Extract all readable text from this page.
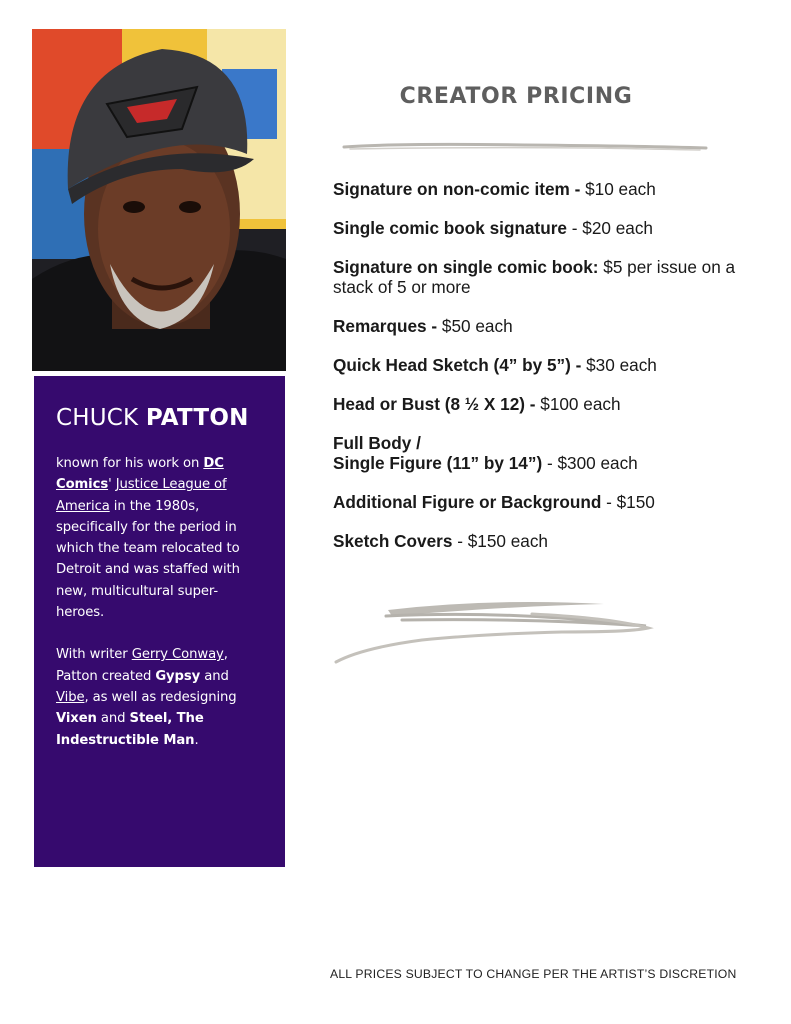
CHUCK PATTON

known for his work on DC Comics' Justice League of America in the 1980s, specifically for the period in which the team relocated to Detroit and was staffed with new, multicultural super-heroes.

With writer Gerry Conway, Patton created Gypsy and Vibe, as well as redesigning Vixen and Steel, The Indestructible Man.

CREATOR PRICING
Signature on non-comic item - $10 each
Single comic book signature - $20 each
Signature on single comic book: $5 per issue on a stack of 5 or more
Remarques - $50 each
Quick Head Sketch (4” by 5”) - $30 each
Head or Bust (8 ½ X 12) - $100 each
Full Body /
Single Figure (11” by 14”) - $300 each
Additional Figure or Background - $150
Sketch Covers - $150 each
ALL PRICES SUBJECT TO CHANGE PER THE ARTIST’S DISCRETION
